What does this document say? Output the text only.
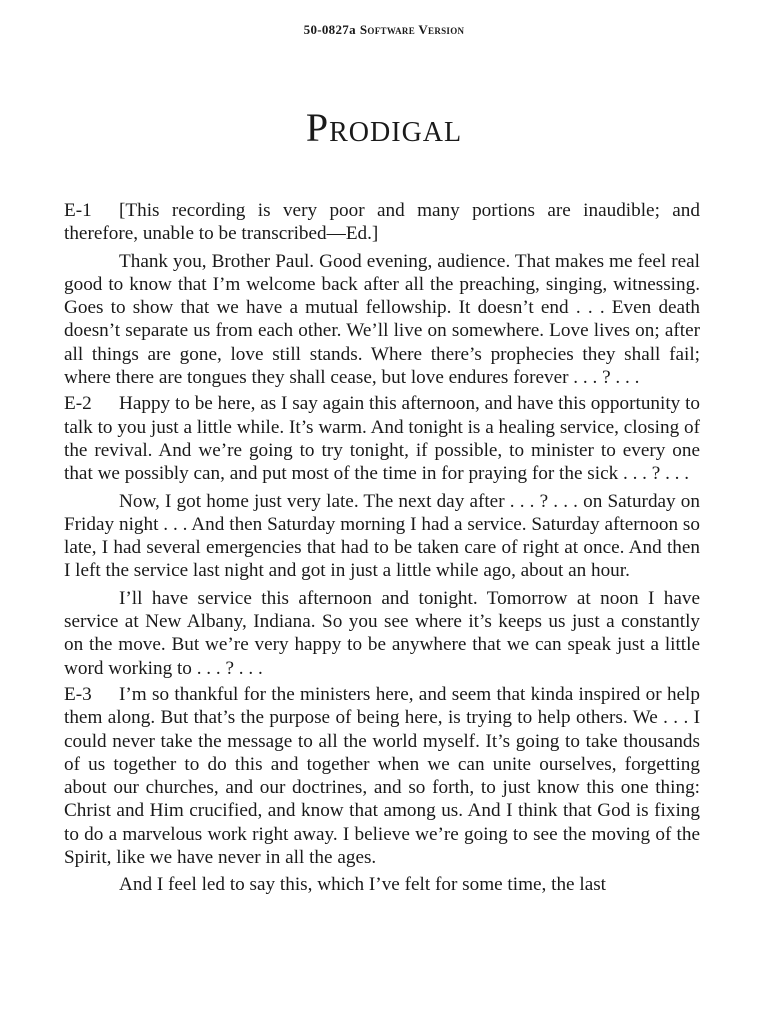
50-0827a Software Version
Prodigal

E-1 [This recording is very poor and many portions are inaudible; and therefore, unable to be transcribed—Ed.]

Thank you, Brother Paul. Good evening, audience. That makes me feel real good to know that I’m welcome back after all the preaching, singing, witnessing. Goes to show that we have a mutual fellowship. It doesn’t end . . . Even death doesn’t separate us from each other. We’ll live on somewhere. Love lives on; after all things are gone, love still stands. Where there’s prophecies they shall fail; where there are tongues they shall cease, but love endures forever . . . ? . . .

E-2 Happy to be here, as I say again this afternoon, and have this opportunity to talk to you just a little while. It’s warm. And tonight is a healing service, closing of the revival. And we’re going to try tonight, if possible, to minister to every one that we possibly can, and put most of the time in for praying for the sick . . . ? . . .

Now, I got home just very late. The next day after . . . ? . . . on Saturday on Friday night . . . And then Saturday morning I had a service. Saturday afternoon so late, I had several emergencies that had to be taken care of right at once. And then I left the service last night and got in just a little while ago, about an hour.

I’ll have service this afternoon and tonight. Tomorrow at noon I have service at New Albany, Indiana. So you see where it’s keeps us just a constantly on the move. But we’re very happy to be anywhere that we can speak just a little word working to . . . ? . . .

E-3 I’m so thankful for the ministers here, and seem that kinda inspired or help them along. But that’s the purpose of being here, is trying to help others. We . . . I could never take the message to all the world myself. It’s going to take thousands of us together to do this and together when we can unite ourselves, forgetting about our churches, and our doctrines, and so forth, to just know this one thing: Christ and Him crucified, and know that among us. And I think that God is fixing to do a marvelous work right away. I believe we’re going to see the moving of the Spirit, like we have never in all the ages.

And I feel led to say this, which I’ve felt for some time, the last
